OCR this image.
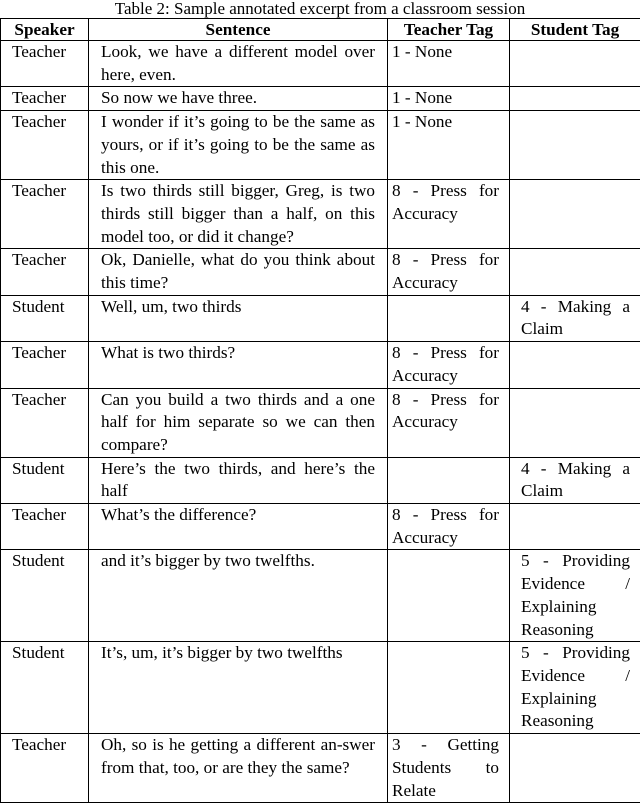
Table 2: Sample annotated excerpt from a classroom session
Speaker	Sentence	Teacher Tag	Student Tag
Teacher	Look, we have a different model over here, even.	1 - None	
Teacher	So now we have three.	1 - None	
Teacher	I wonder if it’s going to be the same as yours, or if it’s going to be the same as this one.	1 - None	
Teacher	Is two thirds still bigger, Greg, is two thirds still bigger than a half, on this model too, or did it change?	8 - Press for Accuracy	
Teacher	Ok, Danielle, what do you think about this time?	8 - Press for Accuracy	
Student	Well, um, two thirds		4 - Making a Claim
Teacher	What is two thirds?	8 - Press for Accuracy	
Teacher	Can you build a two thirds and a one half for him separate so we can then compare?	8 - Press for Accuracy	
Student	Here’s the two thirds, and here’s the half		4 - Making a Claim
Teacher	What’s the difference?	8 - Press for Accuracy	
Student	and it’s bigger by two twelfths.		5 - Providing Evidence / Explaining Reasoning
Student	It’s, um, it’s bigger by two twelfths		5 - Providing Evidence / Explaining Reasoning
Teacher	Oh, so is he getting a different an-swer from that, too, or are they the same?	3 - Getting Students to Relate	
